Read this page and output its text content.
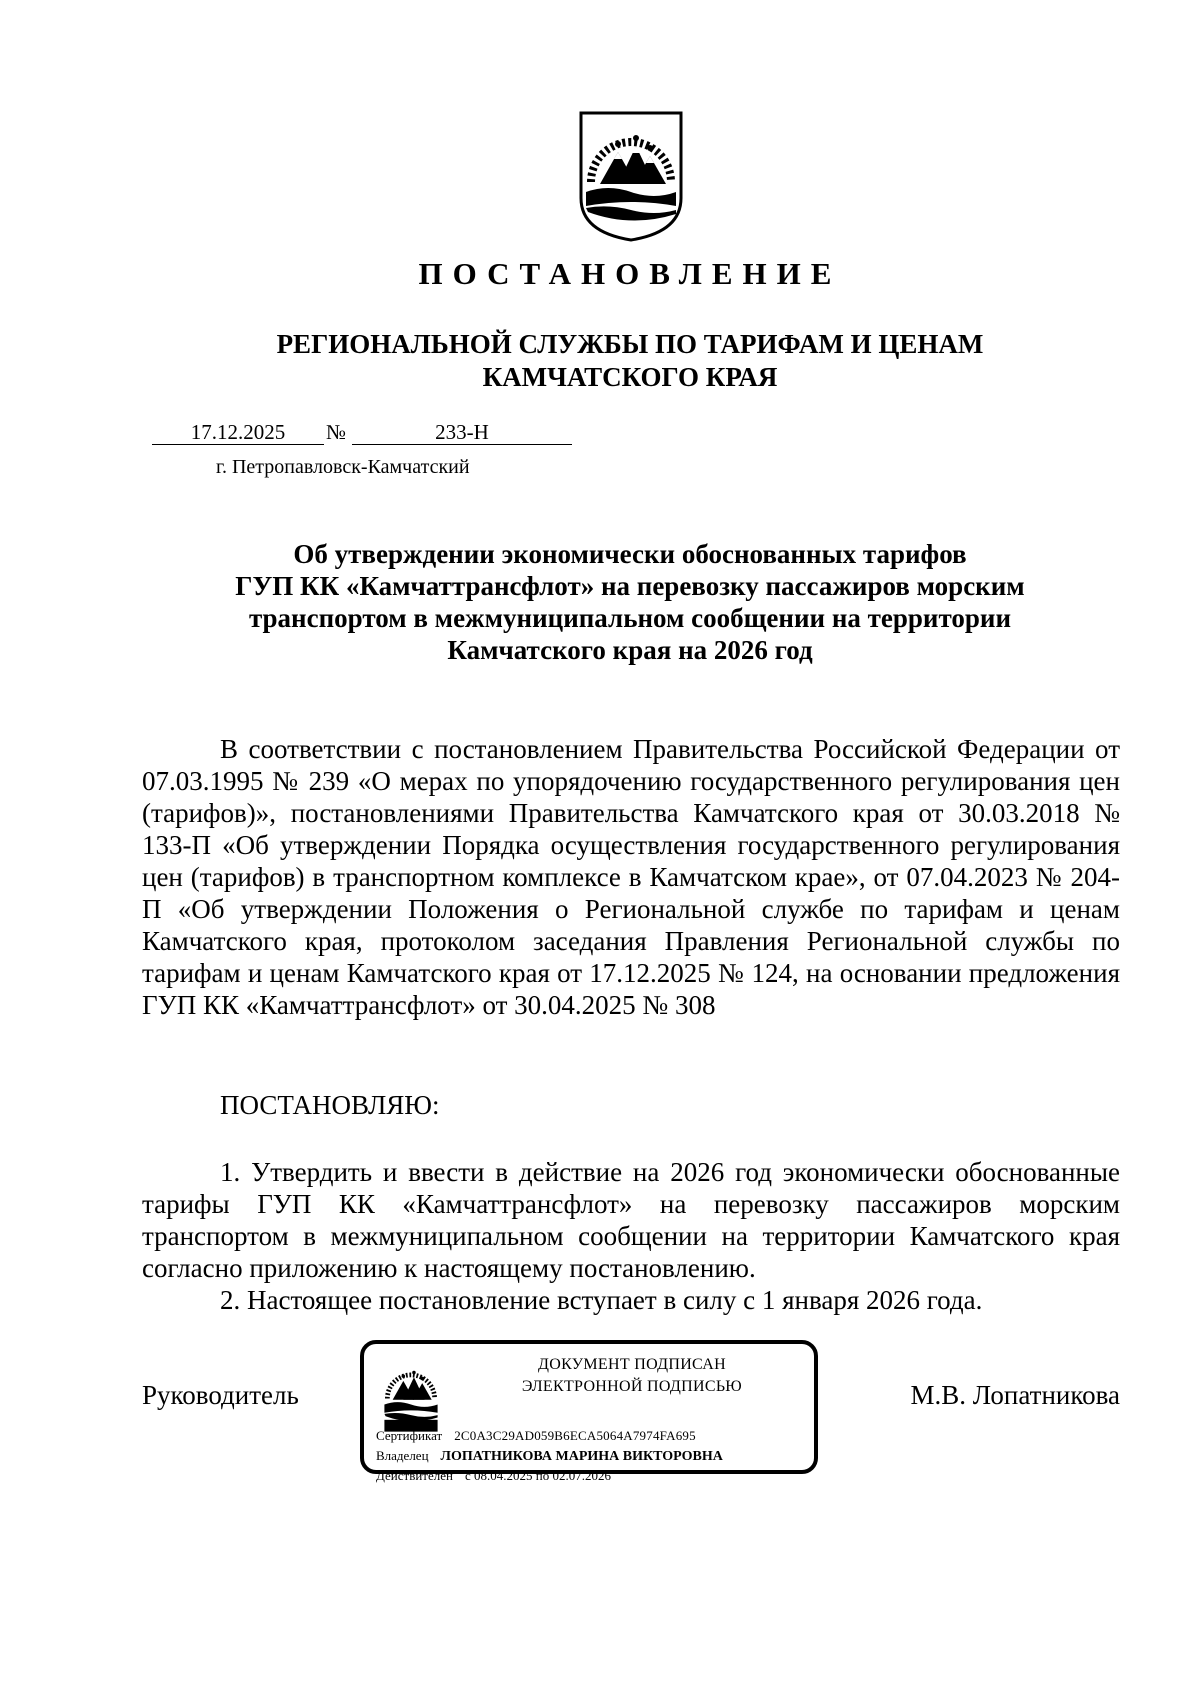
ПОСТАНОВЛЕНИЕ
РЕГИОНАЛЬНОЙ СЛУЖБЫ ПО ТАРИФАМ И ЦЕНАМ
КАМЧАТСКОГО КРАЯ
17.12.2025	№	233-Н
г. Петропавловск-Камчатский
Об утверждении экономически обоснованных тарифов
ГУП КК «Камчаттрансфлот» на перевозку пассажиров морским
транспортом в межмуниципальном сообщении на территории
Камчатского края на 2026 год
В соответствии с постановлением Правительства Российской Федерации от 07.03.1995 № 239 «О мерах по упорядочению государственного регулирования цен (тарифов)», постановлениями Правительства Камчатского края от 30.03.2018 № 133-П «Об утверждении Порядка осуществления государственного регулирования цен (тарифов) в транспортном комплексе в Камчатском крае», от 07.04.2023 № 204-П «Об утверждении Положения о Региональной службе по тарифам и ценам Камчатского края, протоколом заседания Правления Региональной службы по тарифам и ценам Камчатского края от 17.12.2025 № 124, на основании предложения ГУП КК «Камчаттрансфлот» от 30.04.2025 № 308
ПОСТАНОВЛЯЮ:
1. Утвердить и ввести в действие на 2026 год экономически обоснованные тарифы ГУП КК «Камчаттрансфлот» на перевозку пассажиров морским транспортом в межмуниципальном сообщении на территории Камчатского края согласно приложению к настоящему постановлению.
2. Настоящее постановление вступает в силу с 1 января 2026 года.
Руководитель
ДОКУМЕНТ ПОДПИСАН
ЭЛЕКТРОННОЙ ПОДПИСЬЮ
Сертификат 2C0A3C29AD059B6ECA5064A7974FA695
Владелец ЛОПАТНИКОВА МАРИНА ВИКТОРОВНА
Действителен с 08.04.2025 по 02.07.2026
М.В. Лопатникова
